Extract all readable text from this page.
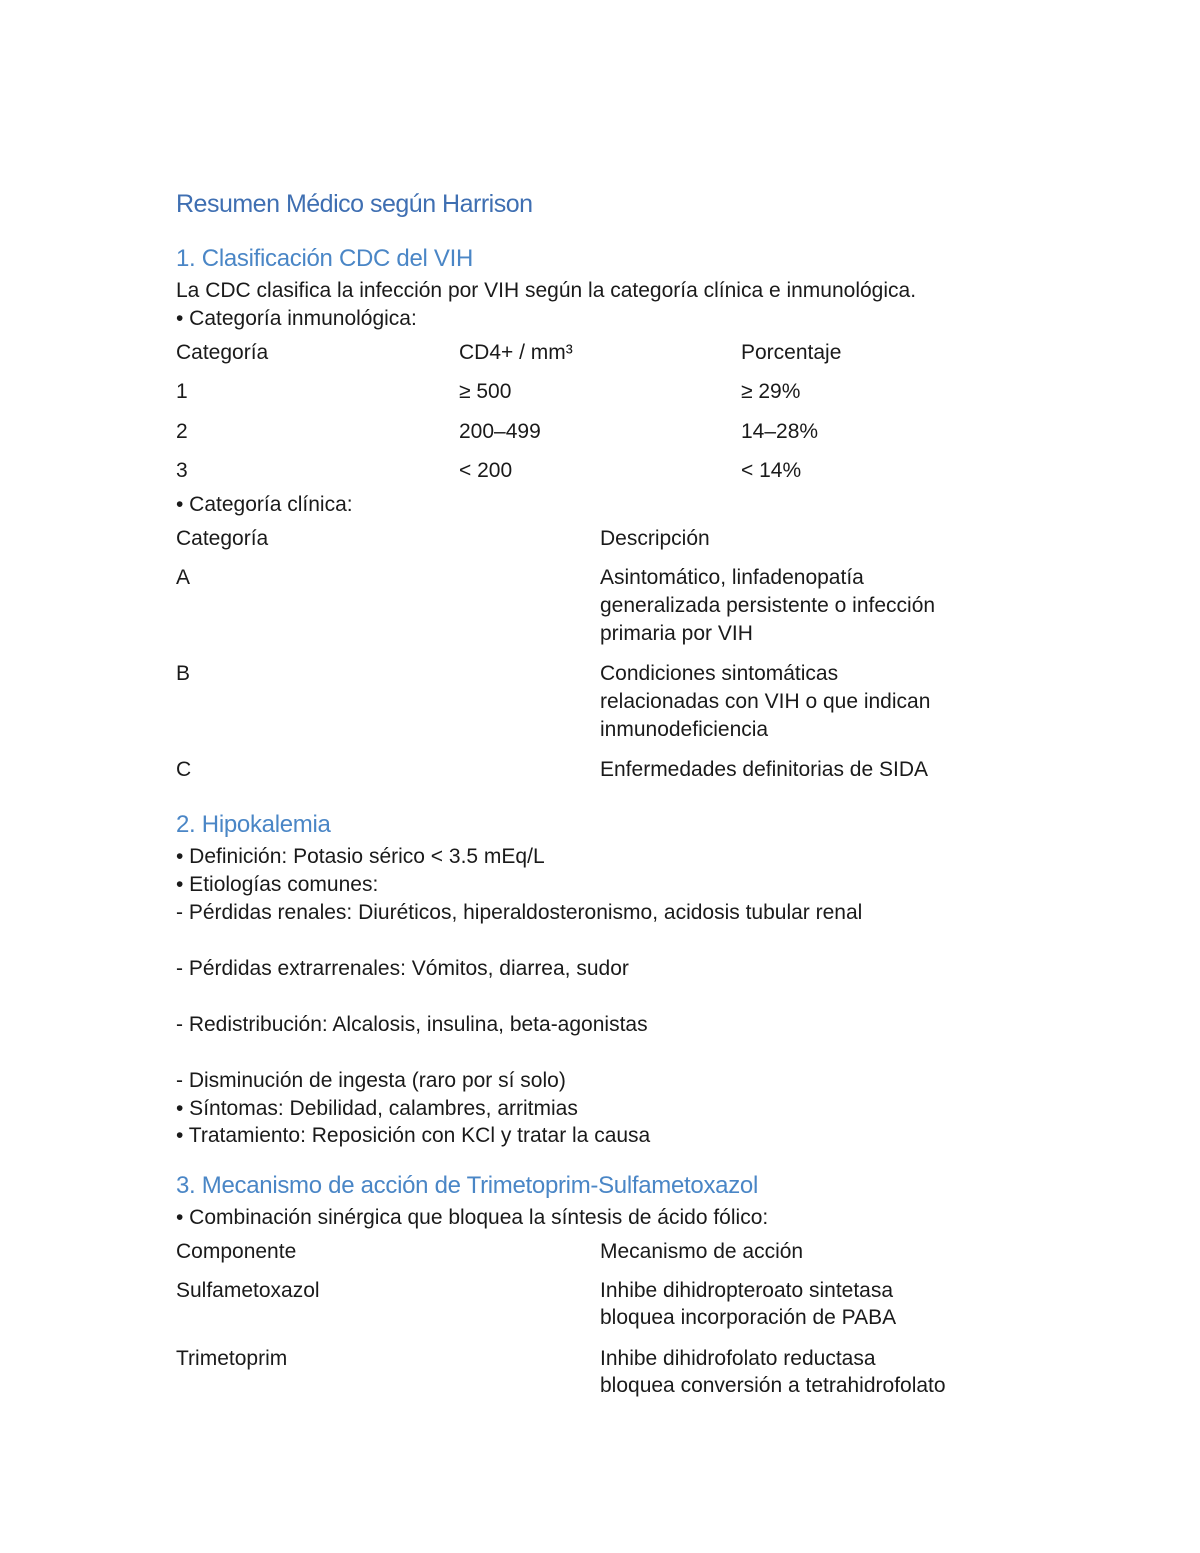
Resumen Médico según Harrison
1. Clasificación CDC del VIH
La CDC clasifica la infección por VIH según la categoría clínica e inmunológica.
• Categoría inmunológica:
Categoría	CD4+ / mm³	Porcentaje
1	≥ 500	≥ 29%
2	200–499	14–28%
3	< 200	< 14%
• Categoría clínica:
Categoría	Descripción
A	Asintomático, linfadenopatía
generalizada persistente o infección
primaria por VIH
B	Condiciones sintomáticas
relacionadas con VIH o que indican
inmunodeficiencia
C	Enfermedades definitorias de SIDA
2. Hipokalemia
• Definición: Potasio sérico < 3.5 mEq/L
• Etiologías comunes:
- Pérdidas renales: Diuréticos, hiperaldosteronismo, acidosis tubular renal
- Pérdidas extrarrenales: Vómitos, diarrea, sudor
- Redistribución: Alcalosis, insulina, beta-agonistas
- Disminución de ingesta (raro por sí solo)
• Síntomas: Debilidad, calambres, arritmias
• Tratamiento: Reposición con KCl y tratar la causa
3. Mecanismo de acción de Trimetoprim-Sulfametoxazol
• Combinación sinérgica que bloquea la síntesis de ácido fólico:
Componente	Mecanismo de acción
Sulfametoxazol	Inhibe dihidropteroato sintetasa
bloquea incorporación de PABA
Trimetoprim	Inhibe dihidrofolato reductasa
bloquea conversión a tetrahidrofolato
